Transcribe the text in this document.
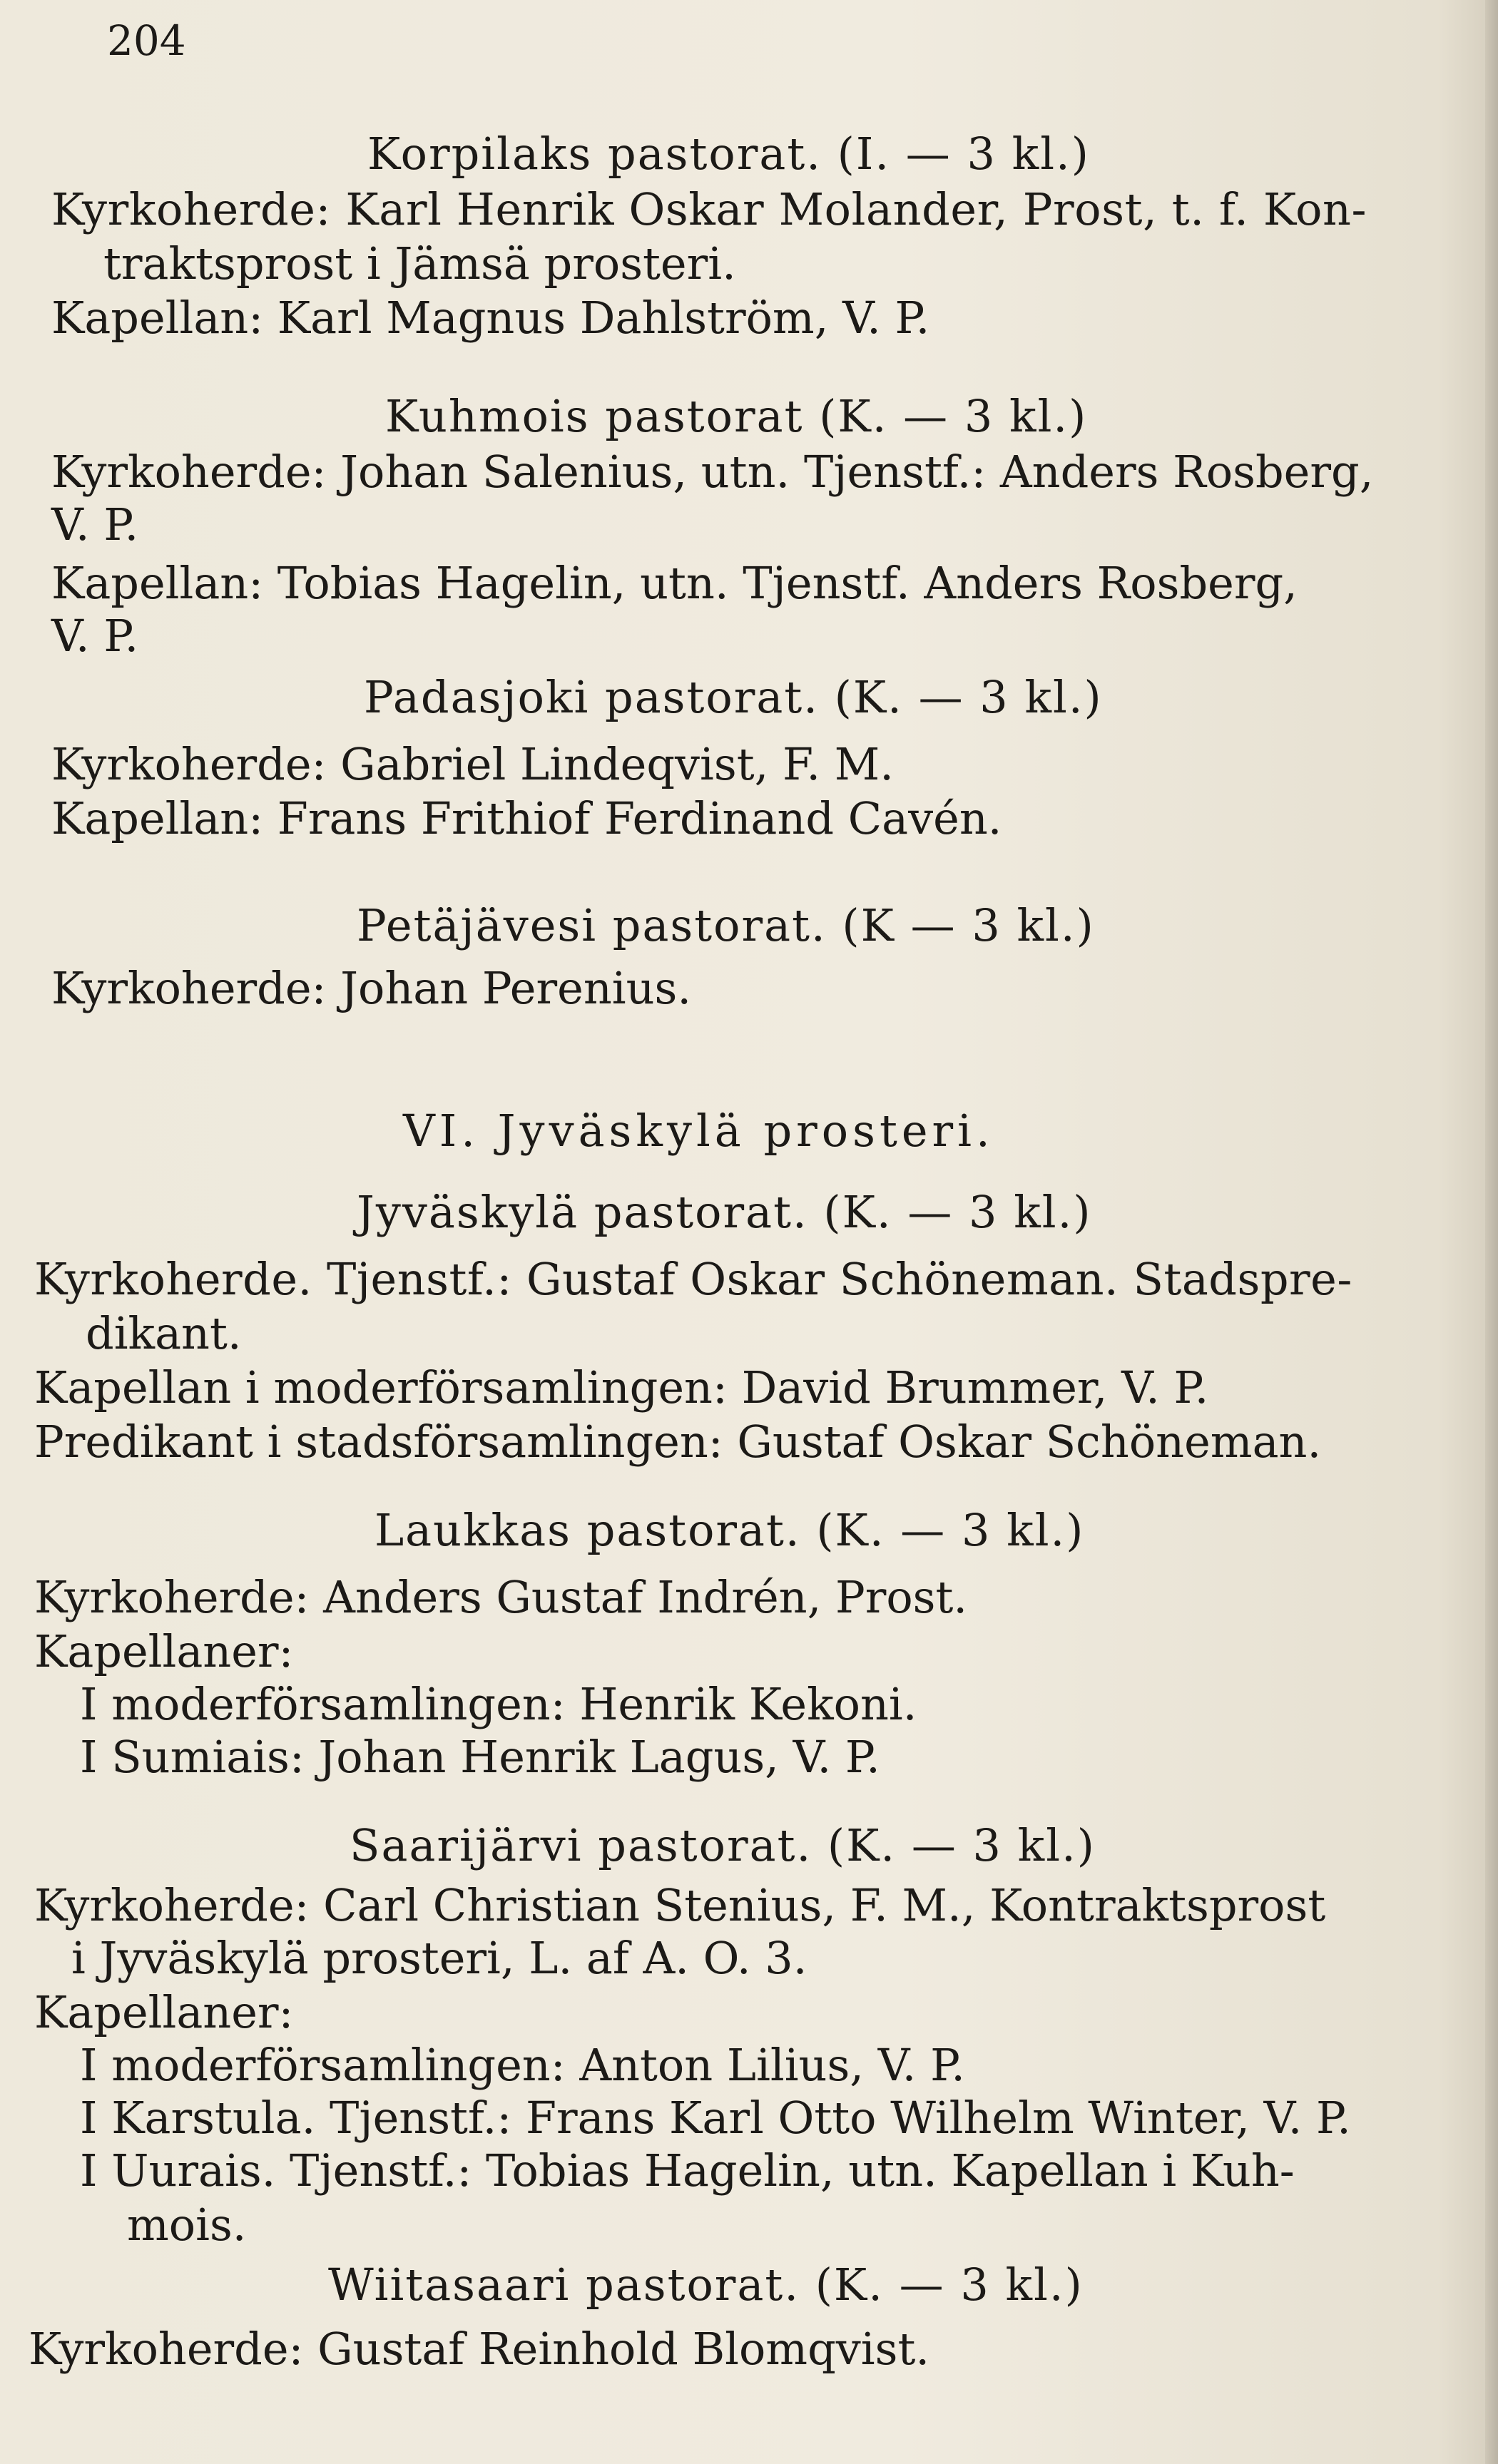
204
Korpilaks pastorat. (I. — 3 kl.)
Kyrkoherde: Karl Henrik Oskar Molander, Prost, t. f. Kon-
traktsprost i Jämsä prosteri.
Kapellan: Karl Magnus Dahlström, V. P.
Kuhmois pastorat (K. — 3 kl.)
Kyrkoherde: Johan Salenius, utn. Tjenstf.: Anders Rosberg,
V. P.
Kapellan: Tobias Hagelin, utn. Tjenstf. Anders Rosberg,
V. P.
Padasjoki pastorat. (K. — 3 kl.)
Kyrkoherde: Gabriel Lindeqvist, F. M.
Kapellan: Frans Frithiof Ferdinand Cavén.
Petäjävesi pastorat. (K — 3 kl.)
Kyrkoherde: Johan Perenius.
VI. Jyväskylä prosteri.
Jyväskylä pastorat. (K. — 3 kl.)
Kyrkoherde. Tjenstf.: Gustaf Oskar Schöneman. Stadspre-
dikant.
Kapellan i moderförsamlingen: David Brummer, V. P.
Predikant i stadsförsamlingen: Gustaf Oskar Schöneman.
Laukkas pastorat. (K. — 3 kl.)
Kyrkoherde: Anders Gustaf Indrén, Prost.
Kapellaner:
I moderförsamlingen: Henrik Kekoni.
I Sumiais: Johan Henrik Lagus, V. P.
Saarijärvi pastorat. (K. — 3 kl.)
Kyrkoherde: Carl Christian Stenius, F. M., Kontraktsprost
i Jyväskylä prosteri, L. af A. O. 3.
Kapellaner:
I moderförsamlingen: Anton Lilius, V. P.
I Karstula. Tjenstf.: Frans Karl Otto Wilhelm Winter, V. P.
I Uurais. Tjenstf.: Tobias Hagelin, utn. Kapellan i Kuh-
mois.
Wiitasaari pastorat. (K. — 3 kl.)
Kyrkoherde: Gustaf Reinhold Blomqvist.
